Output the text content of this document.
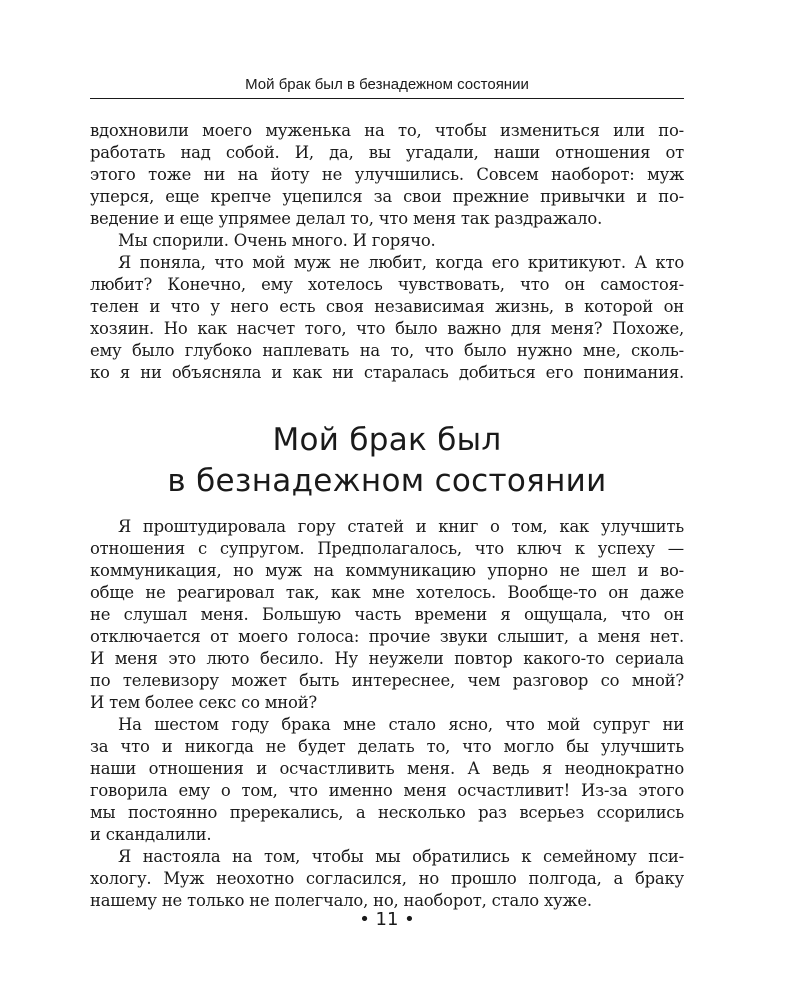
Мой брак был в безнадежном состоянии
вдохновили моего муженька на то, чтобы измениться или по-
работать над собой. И, да, вы угадали, наши отношения от
этого тоже ни на йоту не улучшились. Совсем наоборот: муж
уперся, еще крепче уцепился за свои прежние привычки и по-
ведение и еще упрямее делал то, что меня так раздражало.
Мы спорили. Очень много. И горячо.
Я поняла, что мой муж не любит, когда его критикуют. А кто
любит? Конечно, ему хотелось чувствовать, что он самостоя-
телен и что у него есть своя независимая жизнь, в которой он
хозяин. Но как насчет того, что было важно для меня? Похоже,
ему было глубоко наплевать на то, что было нужно мне, сколь-
ко я ни объясняла и как ни старалась добиться его понимания.
Мой брак был
в безнадежном состоянии
Я проштудировала гору статей и книг о том, как улучшить
отношения с супругом. Предполагалось, что ключ к успеху —
коммуникация, но муж на коммуникацию упорно не шел и во-
обще не реагировал так, как мне хотелось. Вообще-то он даже
не слушал меня. Большую часть времени я ощущала, что он
отключается от моего голоса: прочие звуки слышит, а меня нет.
И меня это люто бесило. Ну неужели повтор какого-то сериала
по телевизору может быть интереснее, чем разговор со мной?
И тем более секс со мной?
На шестом году брака мне стало ясно, что мой супруг ни
за что и никогда не будет делать то, что могло бы улучшить
наши отношения и осчастливить меня. А ведь я неоднократно
говорила ему о том, что именно меня осчастливит! Из-за этого
мы постоянно пререкались, а несколько раз всерьез ссорились
и скандалили.
Я настояла на том, чтобы мы обратились к семейному пси-
хологу. Муж неохотно согласился, но прошло полгода, а браку
нашему не только не полегчало, но, наоборот, стало хуже.
• 11 •
